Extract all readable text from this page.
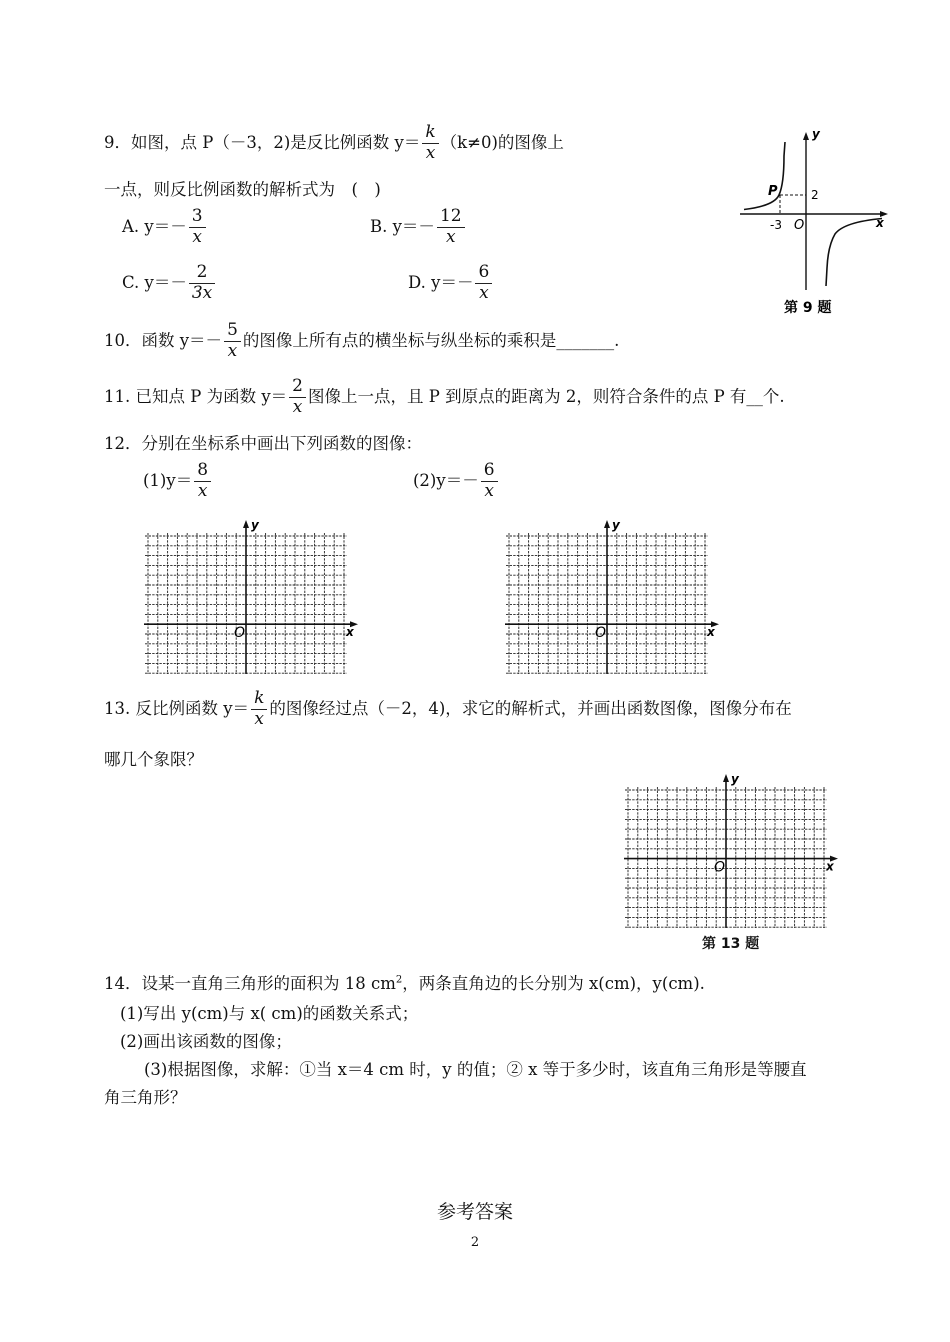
9．如图，点 P（－3，2)是反比例函数 $y= \frac{k}{x} (k\ne 0)$的图像上
一点，则反比例函数的解析式为　(　)
A. $y=- \frac{3}{x}$	B. $y=- \frac{12}{x}$
C. $y=- \frac{2}{3x}$	D. $y=- \frac{6}{x}$
P
-3 O
2
x
y
第 9 题
10．函数 $y=- \frac{5}{x}$ 的图像上所有点的横坐标与纵坐标的乘积是_______.
11. 已知点 P 为函数 $y= \frac{2}{x}$ 图像上一点，且 P 到原点的距离为 2，则符合条件的点 P 有__个.
12．分别在坐标系中画出下列函数的图像：
$(1)y= \frac{8}{x}$	$(2)y=- \frac{6}{x}$
x
y
O	x
y
O
13. 反比例函数 $y= \frac{k}{x}$ 的图像经过点（－2，4)，求它的解析式，并画出函数图像，图像分布在
哪几个象限？
x
y
O
第 13 题
14．设某一直角三角形的面积为 18 $cm^2$，两条直角边的长分别为 x(cm)，y(cm).
(1)写出 y(cm)与 x( cm)的函数关系式；
(2)画出该函数的图像；
(3)根据图像，求解：①当 x＝4 cm 时，y 的值；② x 等于多少时，该直角三角形是等腰直
角三角形？
参考答案
2
